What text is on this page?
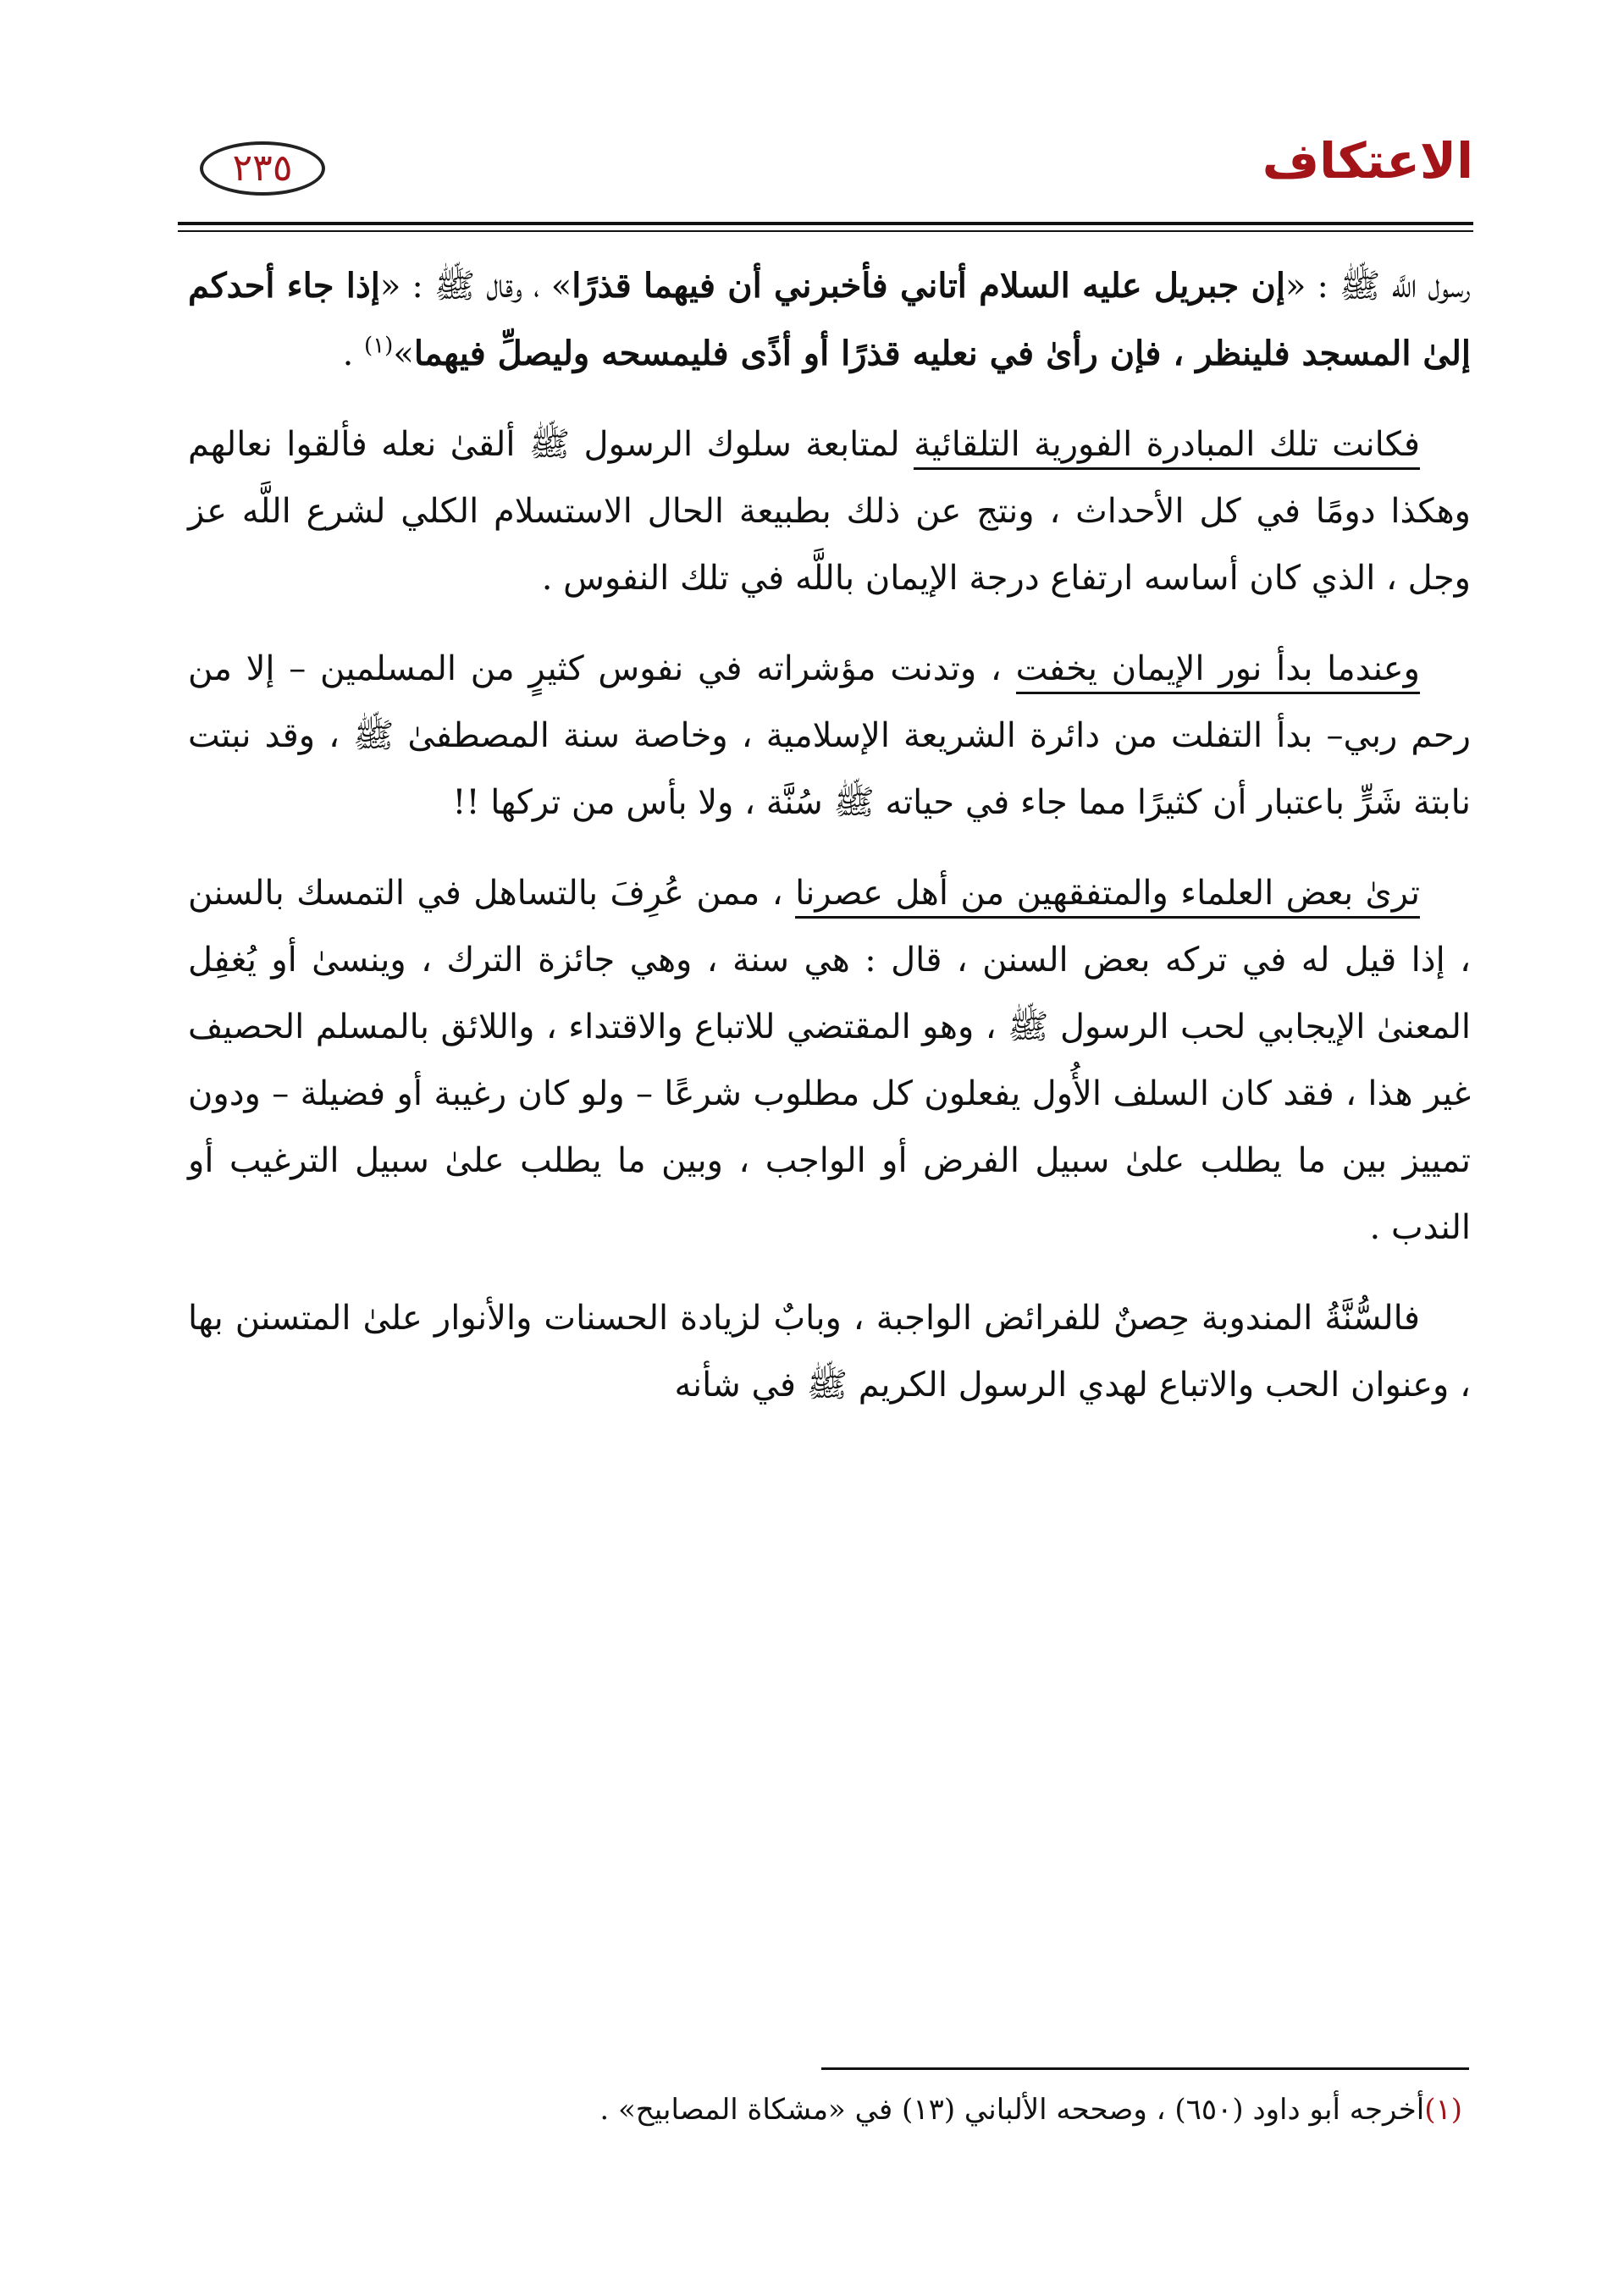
٢٣٥	الاعتكاف

رسول اللَّه ﷺ : «إن جبريل عليه السلام أتاني فأخبرني أن فيهما قذرًا» ، وقال ﷺ : «إذا جاء أحدكم إلىٰ المسجد فلينظر ، فإن رأىٰ في نعليه قذرًا أو أذًى فليمسحه وليصلِّ فيهما»$^{(١)}$ .

فكانت تلك المبادرة الفورية التلقائية لمتابعة سلوك الرسول ﷺ ألقىٰ نعله فألقوا نعالهم وهكذا دومًا في كل الأحداث ، ونتج عن ذلك بطبيعة الحال الاستسلام الكلي لشرع اللَّه عز وجل ، الذي كان أساسه ارتفاع درجة الإيمان باللَّه في تلك النفوس .

وعندما بدأ نور الإيمان يخفت ، وتدنت مؤشراته في نفوس كثيرٍ من المسلمين – إلا من رحم ربي– بدأ التفلت من دائرة الشريعة الإسلامية ، وخاصة سنة المصطفىٰ ﷺ ، وقد نبتت نابتة شَرٍّ باعتبار أن كثيرًا مما جاء في حياته ﷺ سُنَّة ، ولا بأس من تركها !!

ترىٰ بعض العلماء والمتفقهين من أهل عصرنا ، ممن عُرِفَ بالتساهل في التمسك بالسنن ، إذا قيل له في تركه بعض السنن ، قال : هي سنة ، وهي جائزة الترك ، وينسىٰ أو يُغفِل المعنىٰ الإيجابي لحب الرسول ﷺ ، وهو المقتضي للاتباع والاقتداء ، واللائق بالمسلم الحصيف غير هذا ، فقد كان السلف الأُول يفعلون كل مطلوب شرعًا – ولو كان رغيبة أو فضيلة – ودون تمييز بين ما يطلب علىٰ سبيل الفرض أو الواجب ، وبين ما يطلب علىٰ سبيل الترغيب أو الندب .

فالسُّنَّةُ المندوبة حِصنٌ للفرائض الواجبة ، وبابٌ لزيادة الحسنات والأنوار علىٰ المتسنن بها ، وعنوان الحب والاتباع لهدي الرسول الكريم ﷺ في شأنه

(١)أخرجه أبو داود (٦٥٠) ، وصححه الألباني (١٣) في «مشكاة المصابيح» .
